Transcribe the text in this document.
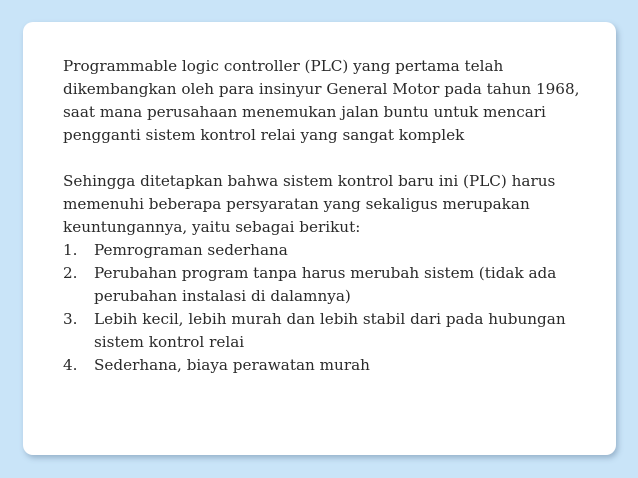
Programmable logic controller (PLC) yang pertama telah dikembangkan oleh para insinyur General Motor pada tahun 1968, saat mana perusahaan menemukan jalan buntu untuk mencari pengganti sistem kontrol relai yang sangat komplek

Sehingga ditetapkan bahwa sistem kontrol baru ini (PLC) harus memenuhi beberapa persyaratan yang sekaligus merupakan keuntungannya, yaitu sebagai berikut:

1.	Pemrograman sederhana
2.	Perubahan program tanpa harus merubah sistem (tidak ada perubahan instalasi di dalamnya)
3.	Lebih kecil, lebih murah dan lebih stabil dari pada hubungan sistem kontrol relai
4.	Sederhana, biaya perawatan murah
